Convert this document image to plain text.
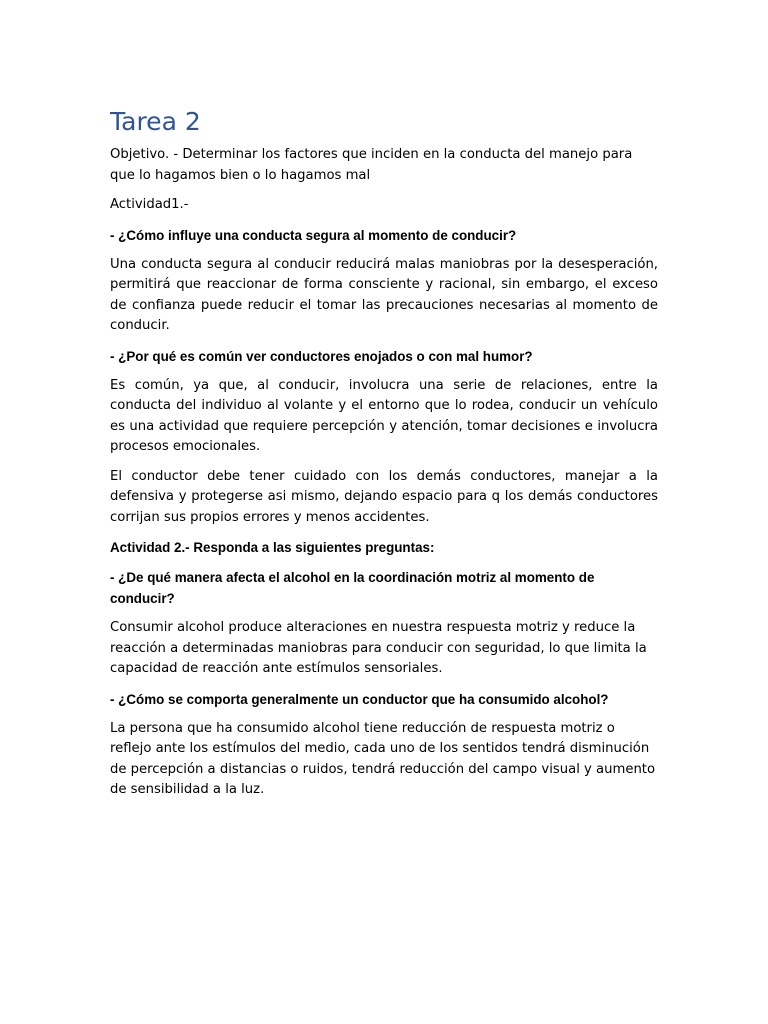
Tarea 2

Objetivo. - Determinar los factores que inciden en la conducta del manejo para que lo hagamos bien o lo hagamos mal

Actividad1.-

- ¿Cómo influye una conducta segura al momento de conducir?

Una conducta segura al conducir reducirá malas maniobras por la desesperación, permitirá que reaccionar de forma consciente y racional, sin embargo, el exceso de confianza puede reducir el tomar las precauciones necesarias al momento de conducir.

- ¿Por qué es común ver conductores enojados o con mal humor?

Es común, ya que, al conducir, involucra una serie de relaciones, entre la conducta del individuo al volante y el entorno que lo rodea, conducir un vehículo es una actividad que requiere percepción y atención, tomar decisiones e involucra procesos emocionales.

El conductor debe tener cuidado con los demás conductores, manejar a la defensiva y protegerse asi mismo, dejando espacio para q los demás conductores corrijan sus propios errores y menos accidentes.

Actividad 2.- Responda a las siguientes preguntas:

- ¿De qué manera afecta el alcohol en la coordinación motriz al momento de conducir?

Consumir alcohol produce alteraciones en nuestra respuesta motriz y reduce la reacción a determinadas maniobras para conducir con seguridad, lo que limita la capacidad de reacción ante estímulos sensoriales.

- ¿Cómo se comporta generalmente un conductor que ha consumido alcohol?

La persona que ha consumido alcohol tiene reducción de respuesta motriz o reflejo ante los estímulos del medio, cada uno de los sentidos tendrá disminución de percepción a distancias o ruidos, tendrá reducción del campo visual y aumento de sensibilidad a la luz.
